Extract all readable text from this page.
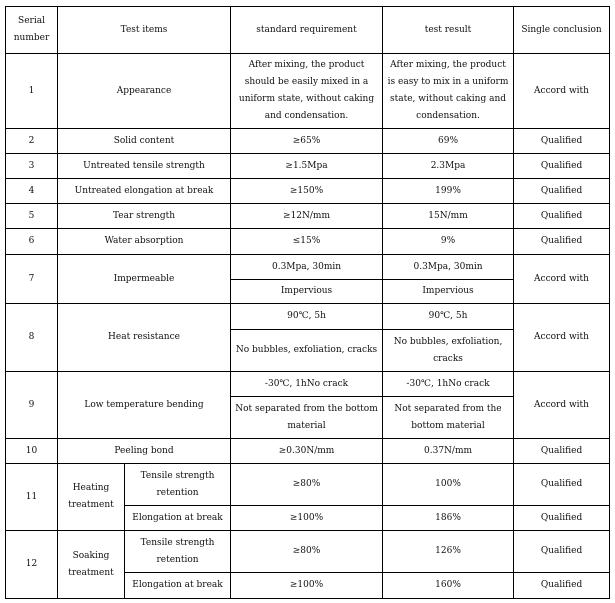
Serial number	Test items		standard requirement	test result	Single conclusion
1	Appearance		After mixing, the product should be easily mixed in a uniform state, without caking and condensation.	After mixing, the product is easy to mix in a uniform state, without caking and condensation.	Accord with
2	Solid content		≥65%	69%	Qualified
3	Untreated tensile strength		≥1.5Mpa	2.3Mpa	Qualified
4	Untreated elongation at break		≥150%	199%	Qualified
5	Tear strength		≥12N/mm	15N/mm	Qualified
6	Water absorption		≤15%	9%	Qualified
7	Impermeable		0.3Mpa, 30min	0.3Mpa, 30min	Accord with
			Impervious	Impervious	
8	Heat resistance		90℃, 5h	90℃, 5h	Accord with
			No bubbles, exfoliation, cracks	No bubbles, exfoliation, cracks	
9	Low temperature bending		-30℃, 1hNo crack	-30℃, 1hNo crack	Accord with
			Not separated from the bottom material	Not separated from the bottom material	
10	Peeling bond		≥0.30N/mm	0.37N/mm	Qualified
11	Heating treatment	Tensile strength retention	≥80%	100%	Qualified
		Elongation at break	≥100%	186%	Qualified
12	Soaking treatment	Tensile strength retention	≥80%	126%	Qualified
		Elongation at break	≥100%	160%	Qualified
